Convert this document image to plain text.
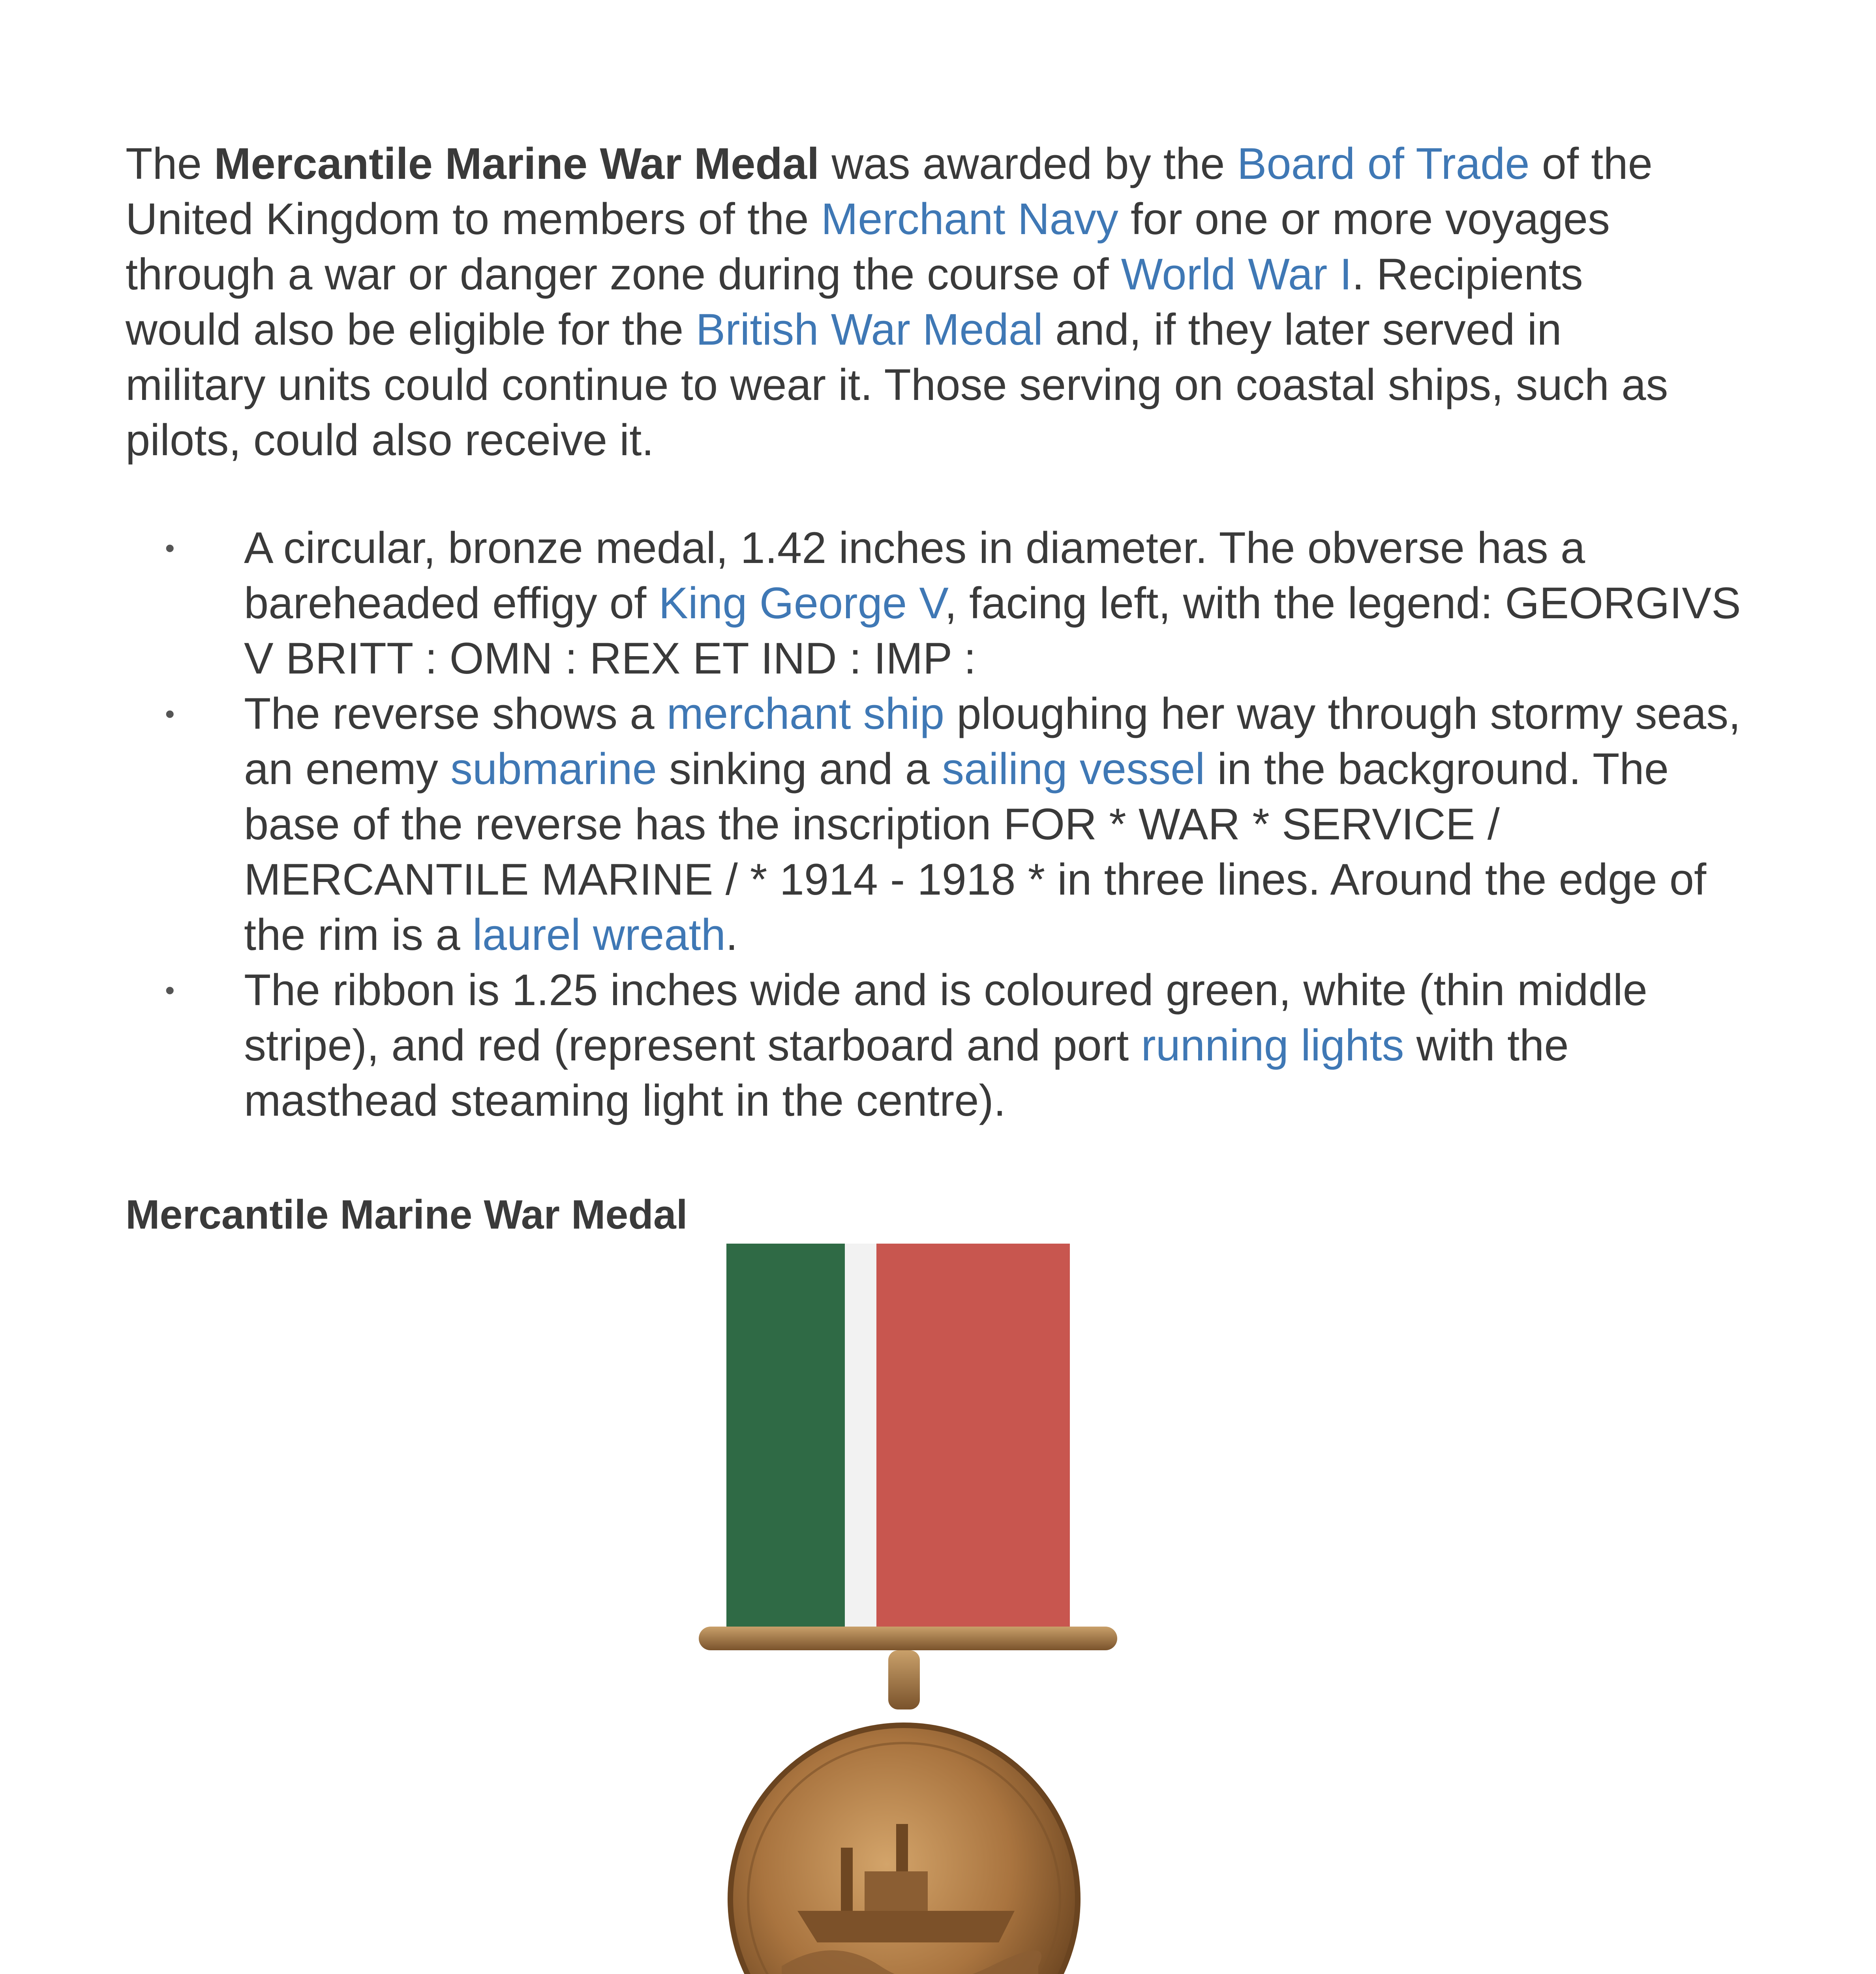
The Mercantile Marine War Medal was awarded by the Board of Trade of the United Kingdom to members of the Merchant Navy for one or more voyages through a war or danger zone during the course of World War I. Recipients would also be eligible for the British War Medal and, if they later served in military units could continue to wear it. Those serving on coastal ships, such as pilots, could also receive it.

• A circular, bronze medal, 1.42 inches in diameter. The obverse has a bareheaded effigy of King George V, facing left, with the legend: GEORGIVS V BRITT : OMN : REX ET IND : IMP :
• The reverse shows a merchant ship ploughing her way through stormy seas, an enemy submarine sinking and a sailing vessel in the background. The base of the reverse has the inscription FOR * WAR * SERVICE / MERCANTILE MARINE / * 1914 - 1918 * in three lines. Around the edge of the rim is a laurel wreath.
• The ribbon is 1.25 inches wide and is coloured green, white (thin middle stripe), and red (represent starboard and port running lights with the masthead steaming light in the centre).
Mercantile Marine War Medal
